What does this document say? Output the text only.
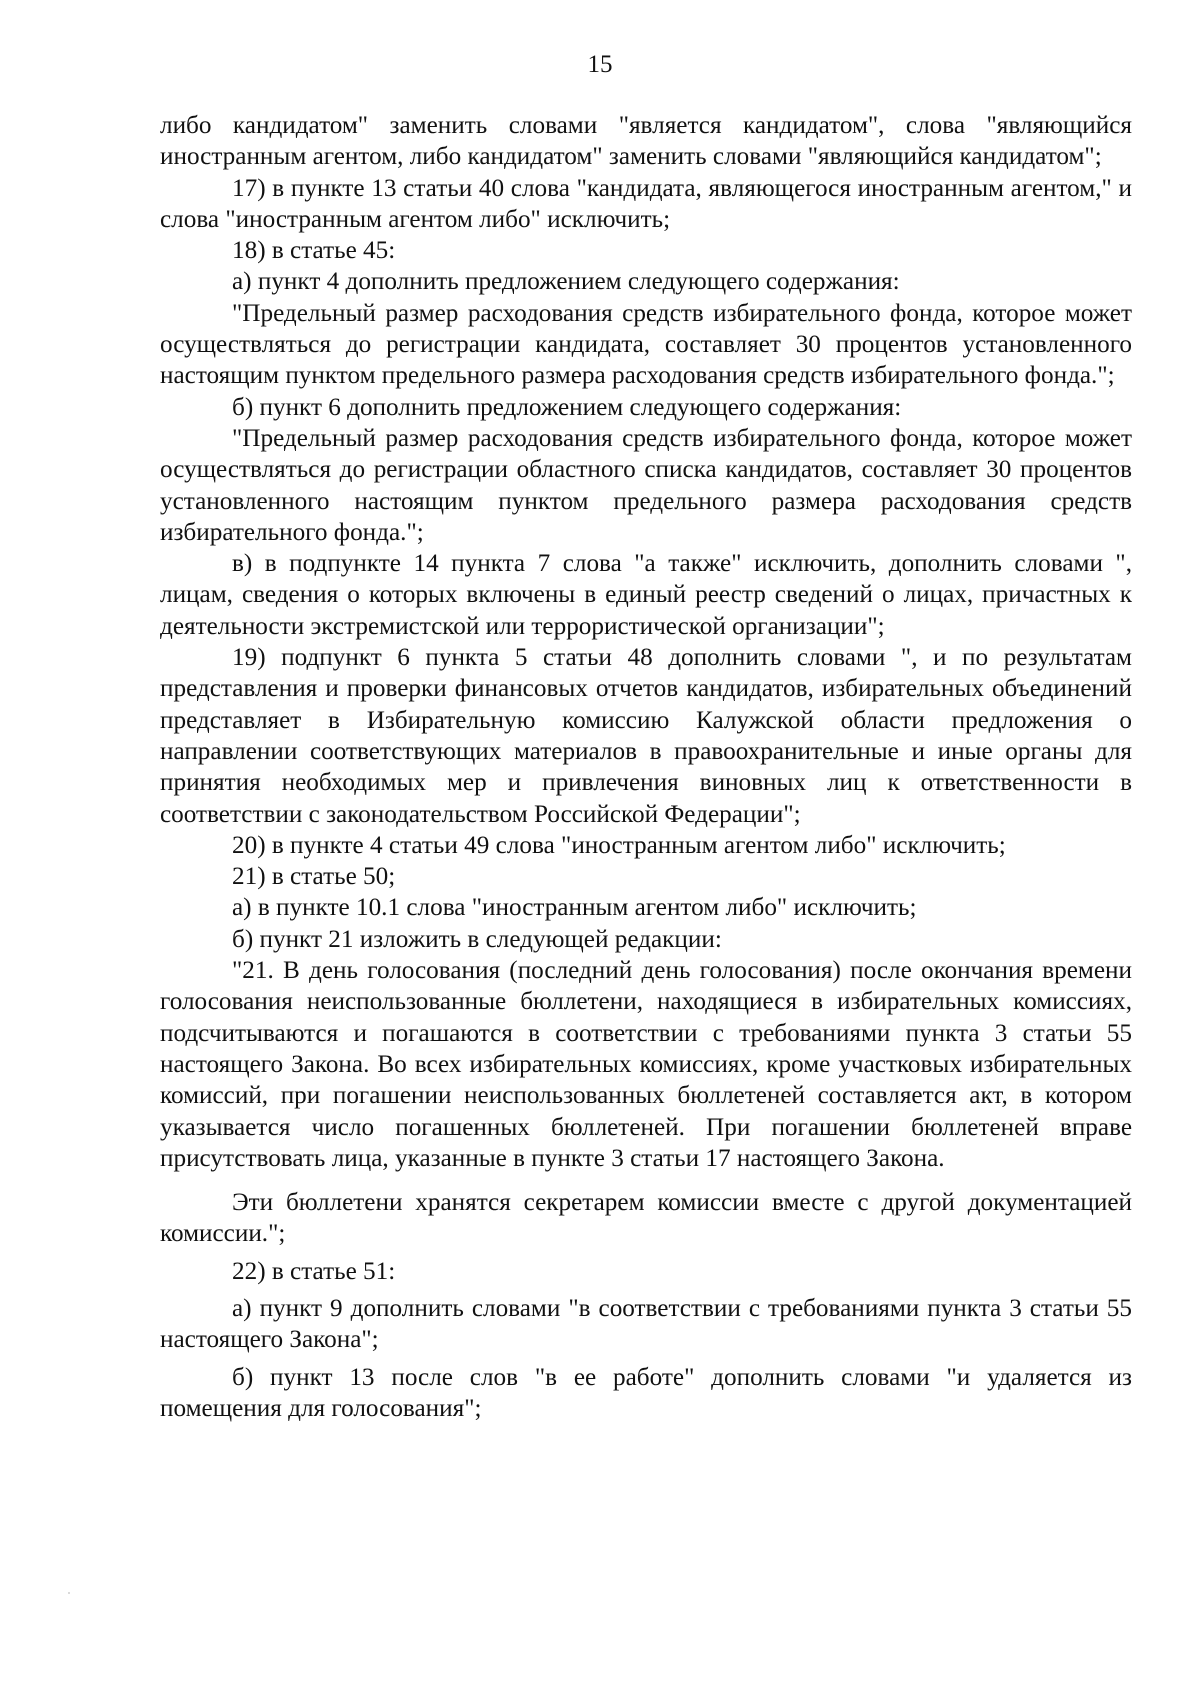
15

либо кандидатом" заменить словами "является кандидатом", слова "являющийся иностранным агентом, либо кандидатом" заменить словами "являющийся кандидатом";

17) в пункте 13 статьи 40 слова "кандидата, являющегося иностранным агентом," и слова "иностранным агентом либо" исключить;

18) в статье 45:

а) пункт 4 дополнить предложением следующего содержания:

"Предельный размер расходования средств избирательного фонда, которое может осуществляться до регистрации кандидата, составляет 30 процентов установленного настоящим пунктом предельного размера расходования средств избирательного фонда.";

б) пункт 6 дополнить предложением следующего содержания:

"Предельный размер расходования средств избирательного фонда, которое может осуществляться до регистрации областного списка кандидатов, составляет 30 процентов установленного настоящим пунктом предельного размера расходования средств избирательного фонда.";

в) в подпункте 14 пункта 7 слова "а также" исключить, дополнить словами ", лицам, сведения о которых включены в единый реестр сведений о лицах, причастных к деятельности экстремистской или террористической организации";

19) подпункт 6 пункта 5 статьи 48 дополнить словами ", и по результатам представления и проверки финансовых отчетов кандидатов, избирательных объединений представляет в Избирательную комиссию Калужской области предложения о направлении соответствующих материалов в правоохранительные и иные органы для принятия необходимых мер и привлечения виновных лиц к ответственности в соответствии с законодательством Российской Федерации";

20) в пункте 4 статьи 49 слова "иностранным агентом либо" исключить;

21) в статье 50;

а) в пункте 10.1 слова "иностранным агентом либо" исключить;

б) пункт 21 изложить в следующей редакции:

"21. В день голосования (последний день голосования) после окончания времени голосования неиспользованные бюллетени, находящиеся в избирательных комиссиях, подсчитываются и погашаются в соответствии с требованиями пункта 3 статьи 55 настоящего Закона. Во всех избирательных комиссиях, кроме участковых избирательных комиссий, при погашении неиспользованных бюллетеней составляется акт, в котором указывается число погашенных бюллетеней. При погашении бюллетеней вправе присутствовать лица, указанные в пункте 3 статьи 17 настоящего Закона.

Эти бюллетени хранятся секретарем комиссии вместе с другой документацией комиссии.";

22) в статье 51:

а) пункт 9 дополнить словами "в соответствии с требованиями пункта 3 статьи 55 настоящего Закона";

б) пункт 13 после слов "в ее работе" дополнить словами "и удаляется из помещения для голосования";
